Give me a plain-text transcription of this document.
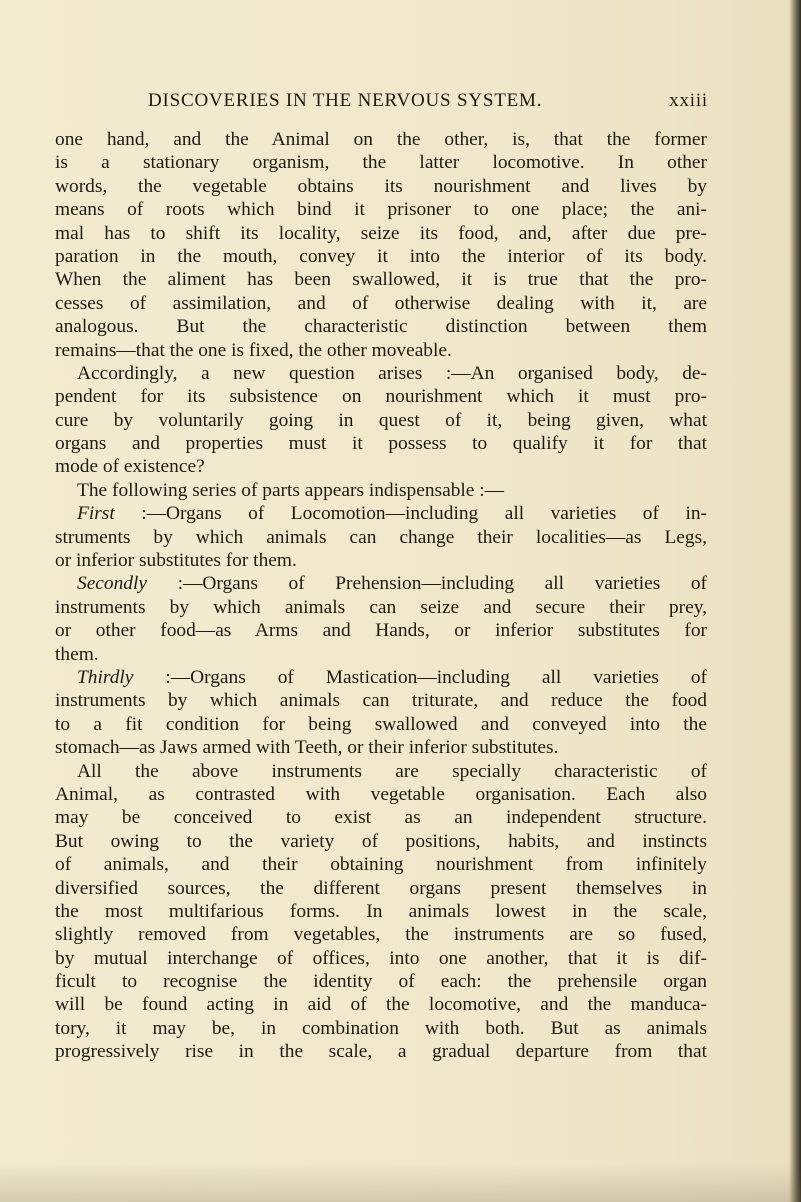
DISCOVERIES IN THE NERVOUS SYSTEM.	xxiii
one hand, and the Animal on the other, is, that the former
is a stationary organism, the latter locomotive. In other
words, the vegetable obtains its nourishment and lives by
means of roots which bind it prisoner to one place; the ani-
mal has to shift its locality, seize its food, and, after due pre-
paration in the mouth, convey it into the interior of its body.
When the aliment has been swallowed, it is true that the pro-
cesses of assimilation, and of otherwise dealing with it, are
analogous. But the characteristic distinction between them
remains—that the one is fixed, the other moveable.
Accordingly, a new question arises :—An organised body, de-
pendent for its subsistence on nourishment which it must pro-
cure by voluntarily going in quest of it, being given, what
organs and properties must it possess to qualify it for that
mode of existence?
The following series of parts appears indispensable :—
First :—Organs of Locomotion—including all varieties of in-
struments by which animals can change their localities—as Legs,
or inferior substitutes for them.
Secondly :—Organs of Prehension—including all varieties of
instruments by which animals can seize and secure their prey,
or other food—as Arms and Hands, or inferior substitutes for
them.
Thirdly :—Organs of Mastication—including all varieties of
instruments by which animals can triturate, and reduce the food
to a fit condition for being swallowed and conveyed into the
stomach—as Jaws armed with Teeth, or their inferior substitutes.
All the above instruments are specially characteristic of
Animal, as contrasted with vegetable organisation. Each also
may be conceived to exist as an independent structure.
But owing to the variety of positions, habits, and instincts
of animals, and their obtaining nourishment from infinitely
diversified sources, the different organs present themselves in
the most multifarious forms. In animals lowest in the scale,
slightly removed from vegetables, the instruments are so fused,
by mutual interchange of offices, into one another, that it is dif-
ficult to recognise the identity of each: the prehensile organ
will be found acting in aid of the locomotive, and the manduca-
tory, it may be, in combination with both. But as animals
progressively rise in the scale, a gradual departure from that
